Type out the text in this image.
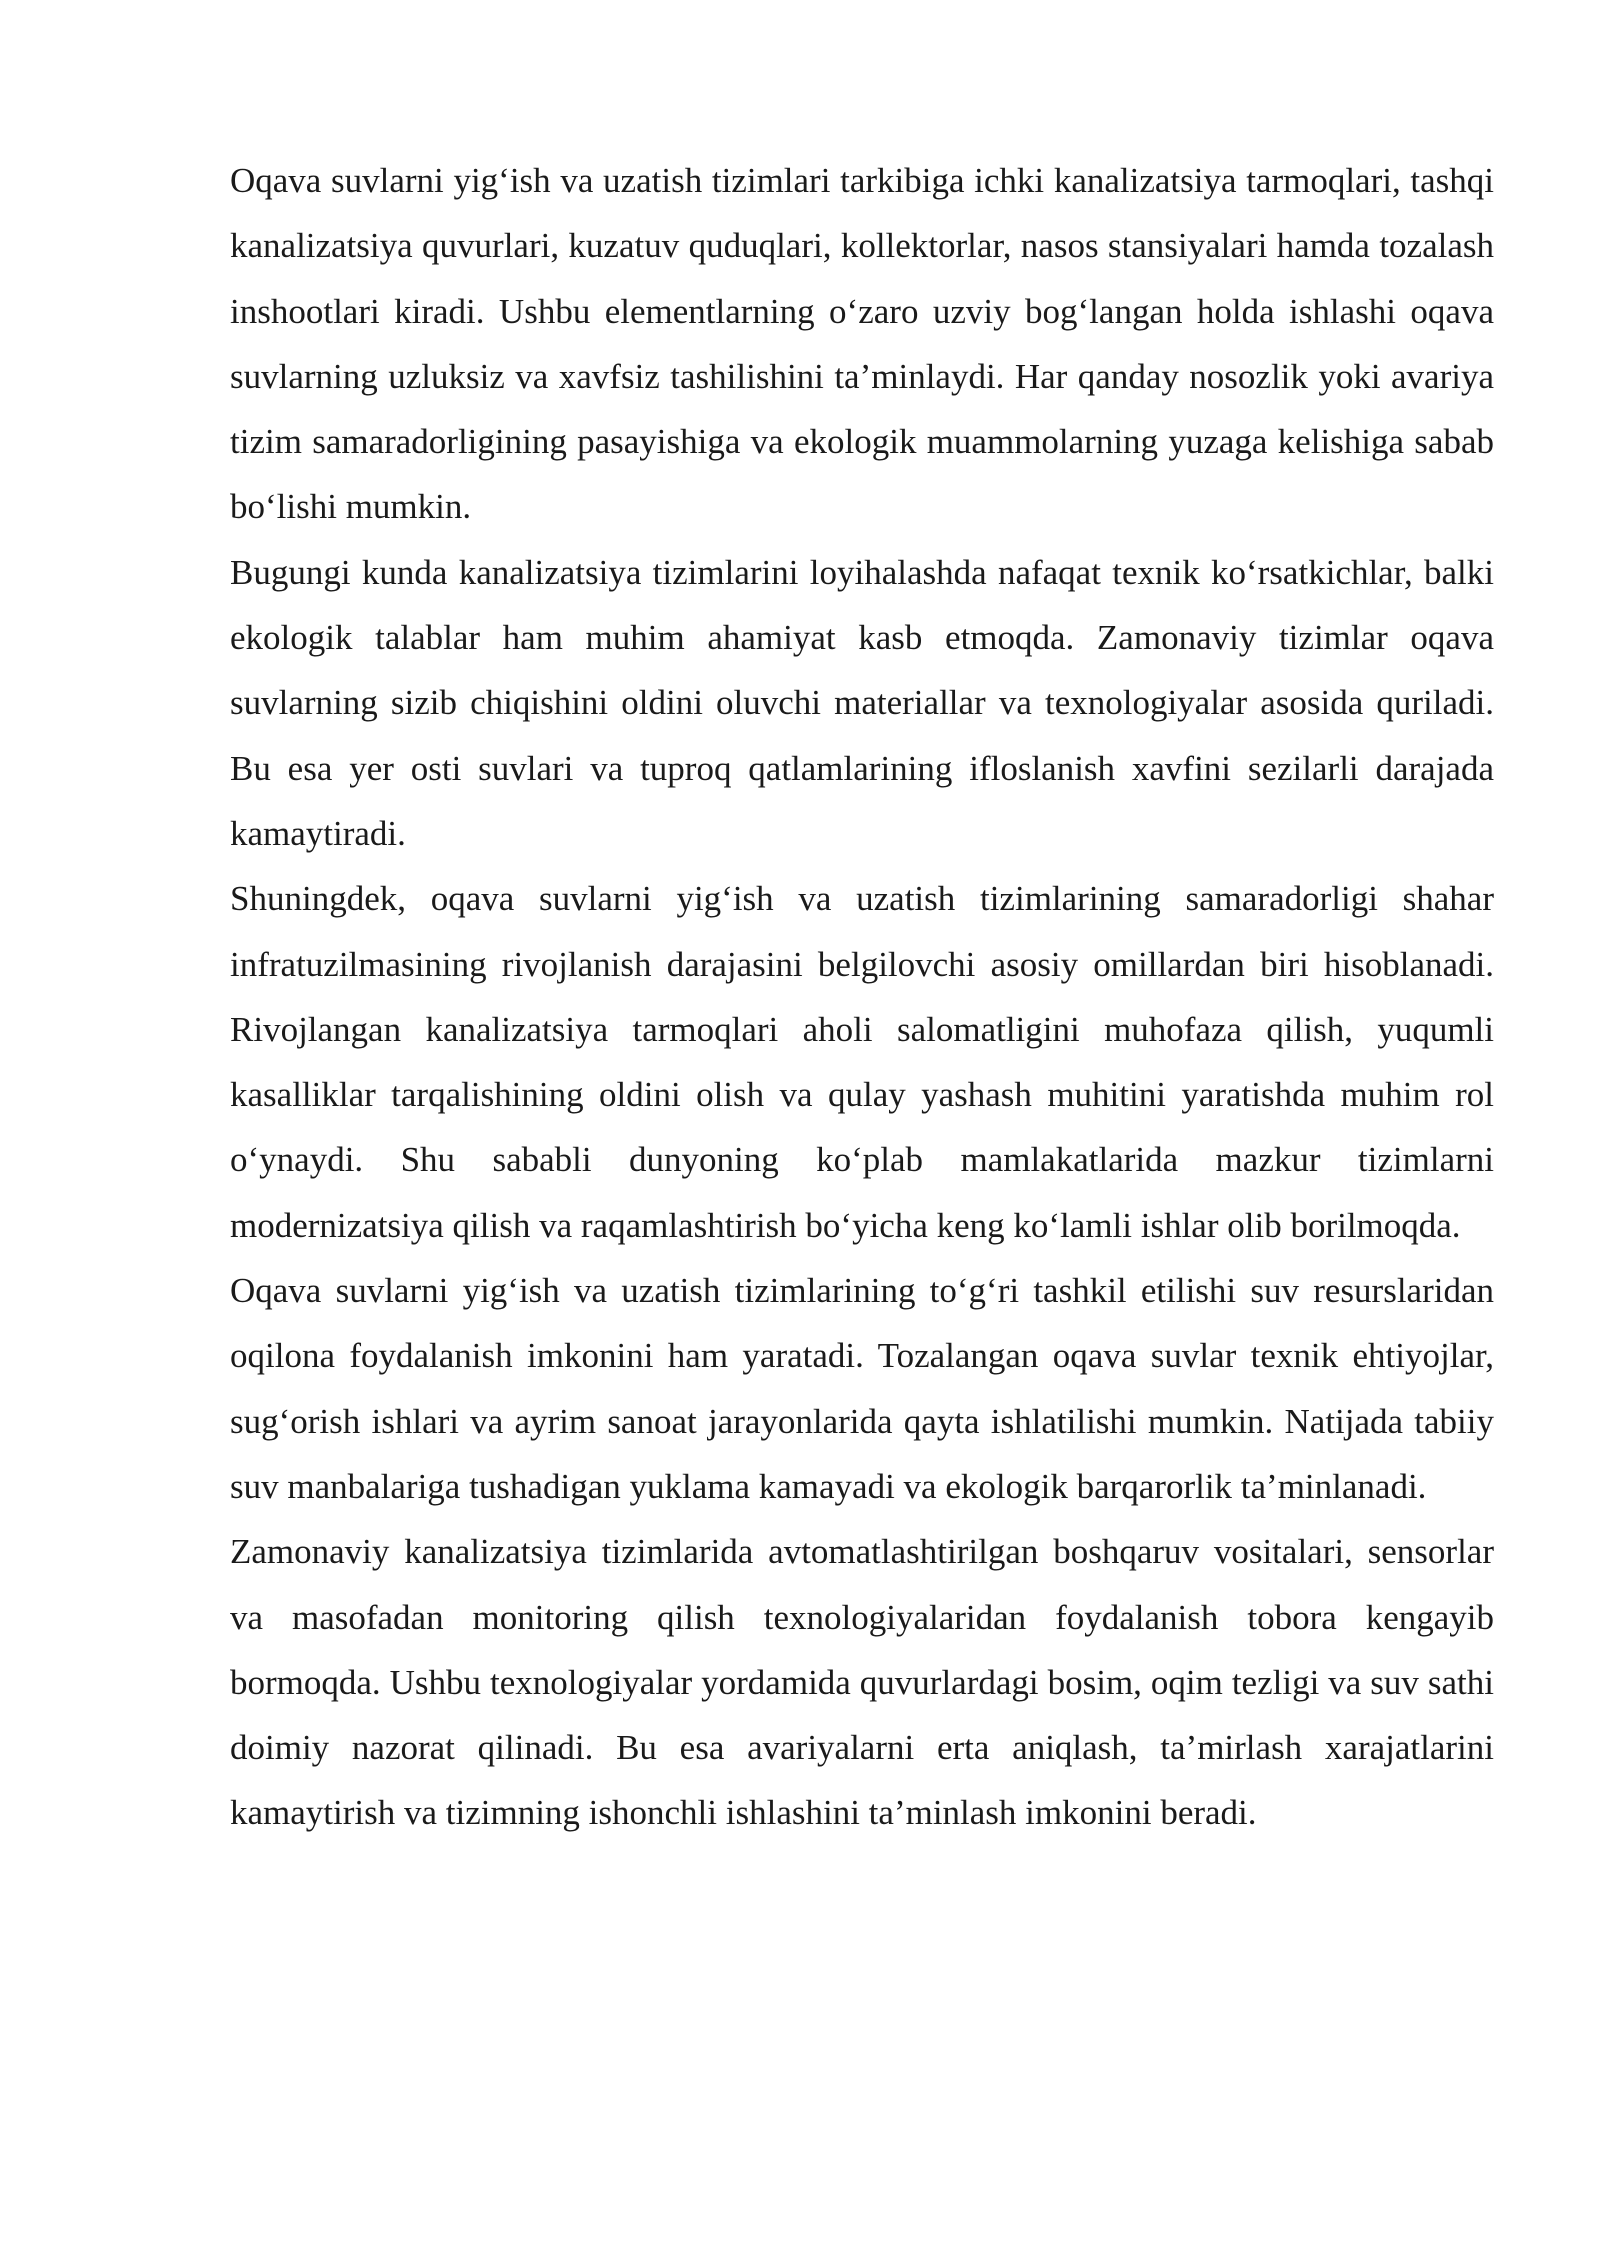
Oqava suvlarni yig‘ish va uzatish tizimlari tarkibiga ichki kanalizatsiya tarmoqlari, tashqi kanalizatsiya quvurlari, kuzatuv quduqlari, kollektorlar, nasos stansiyalari hamda tozalash inshootlari kiradi. Ushbu elementlarning o‘zaro uzviy bog‘langan holda ishlashi oqava suvlarning uzluksiz va xavfsiz tashilishini ta’minlaydi. Har qanday nosozlik yoki avariya tizim samaradorligining pasayishiga va ekologik muammolarning yuzaga kelishiga sabab bo‘lishi mumkin.

Bugungi kunda kanalizatsiya tizimlarini loyihalashda nafaqat texnik ko‘rsatkichlar, balki ekologik talablar ham muhim ahamiyat kasb etmoqda. Zamonaviy tizimlar oqava suvlarning sizib chiqishini oldini oluvchi materiallar va texnologiyalar asosida quriladi. Bu esa yer osti suvlari va tuproq qatlamlarining ifloslanish xavfini sezilarli darajada kamaytiradi.

Shuningdek, oqava suvlarni yig‘ish va uzatish tizimlarining samaradorligi shahar infratuzilmasining rivojlanish darajasini belgilovchi asosiy omillardan biri hisoblanadi. Rivojlangan kanalizatsiya tarmoqlari aholi salomatligini muhofaza qilish, yuqumli kasalliklar tarqalishining oldini olish va qulay yashash muhitini yaratishda muhim rol o‘ynaydi. Shu sababli dunyoning ko‘plab mamlakatlarida mazkur tizimlarni modernizatsiya qilish va raqamlashtirish bo‘yicha keng ko‘lamli ishlar olib borilmoqda.

Oqava suvlarni yig‘ish va uzatish tizimlarining to‘g‘ri tashkil etilishi suv resurslaridan oqilona foydalanish imkonini ham yaratadi. Tozalangan oqava suvlar texnik ehtiyojlar, sug‘orish ishlari va ayrim sanoat jarayonlarida qayta ishlatilishi mumkin. Natijada tabiiy suv manbalariga tushadigan yuklama kamayadi va ekologik barqarorlik ta’minlanadi.

Zamonaviy kanalizatsiya tizimlarida avtomatlashtirilgan boshqaruv vositalari, sensorlar va masofadan monitoring qilish texnologiyalaridan foydalanish tobora kengayib bormoqda. Ushbu texnologiyalar yordamida quvurlardagi bosim, oqim tezligi va suv sathi doimiy nazorat qilinadi. Bu esa avariyalarni erta aniqlash, ta’mirlash xarajatlarini kamaytirish va tizimning ishonchli ishlashini ta’minlash imkonini beradi.
